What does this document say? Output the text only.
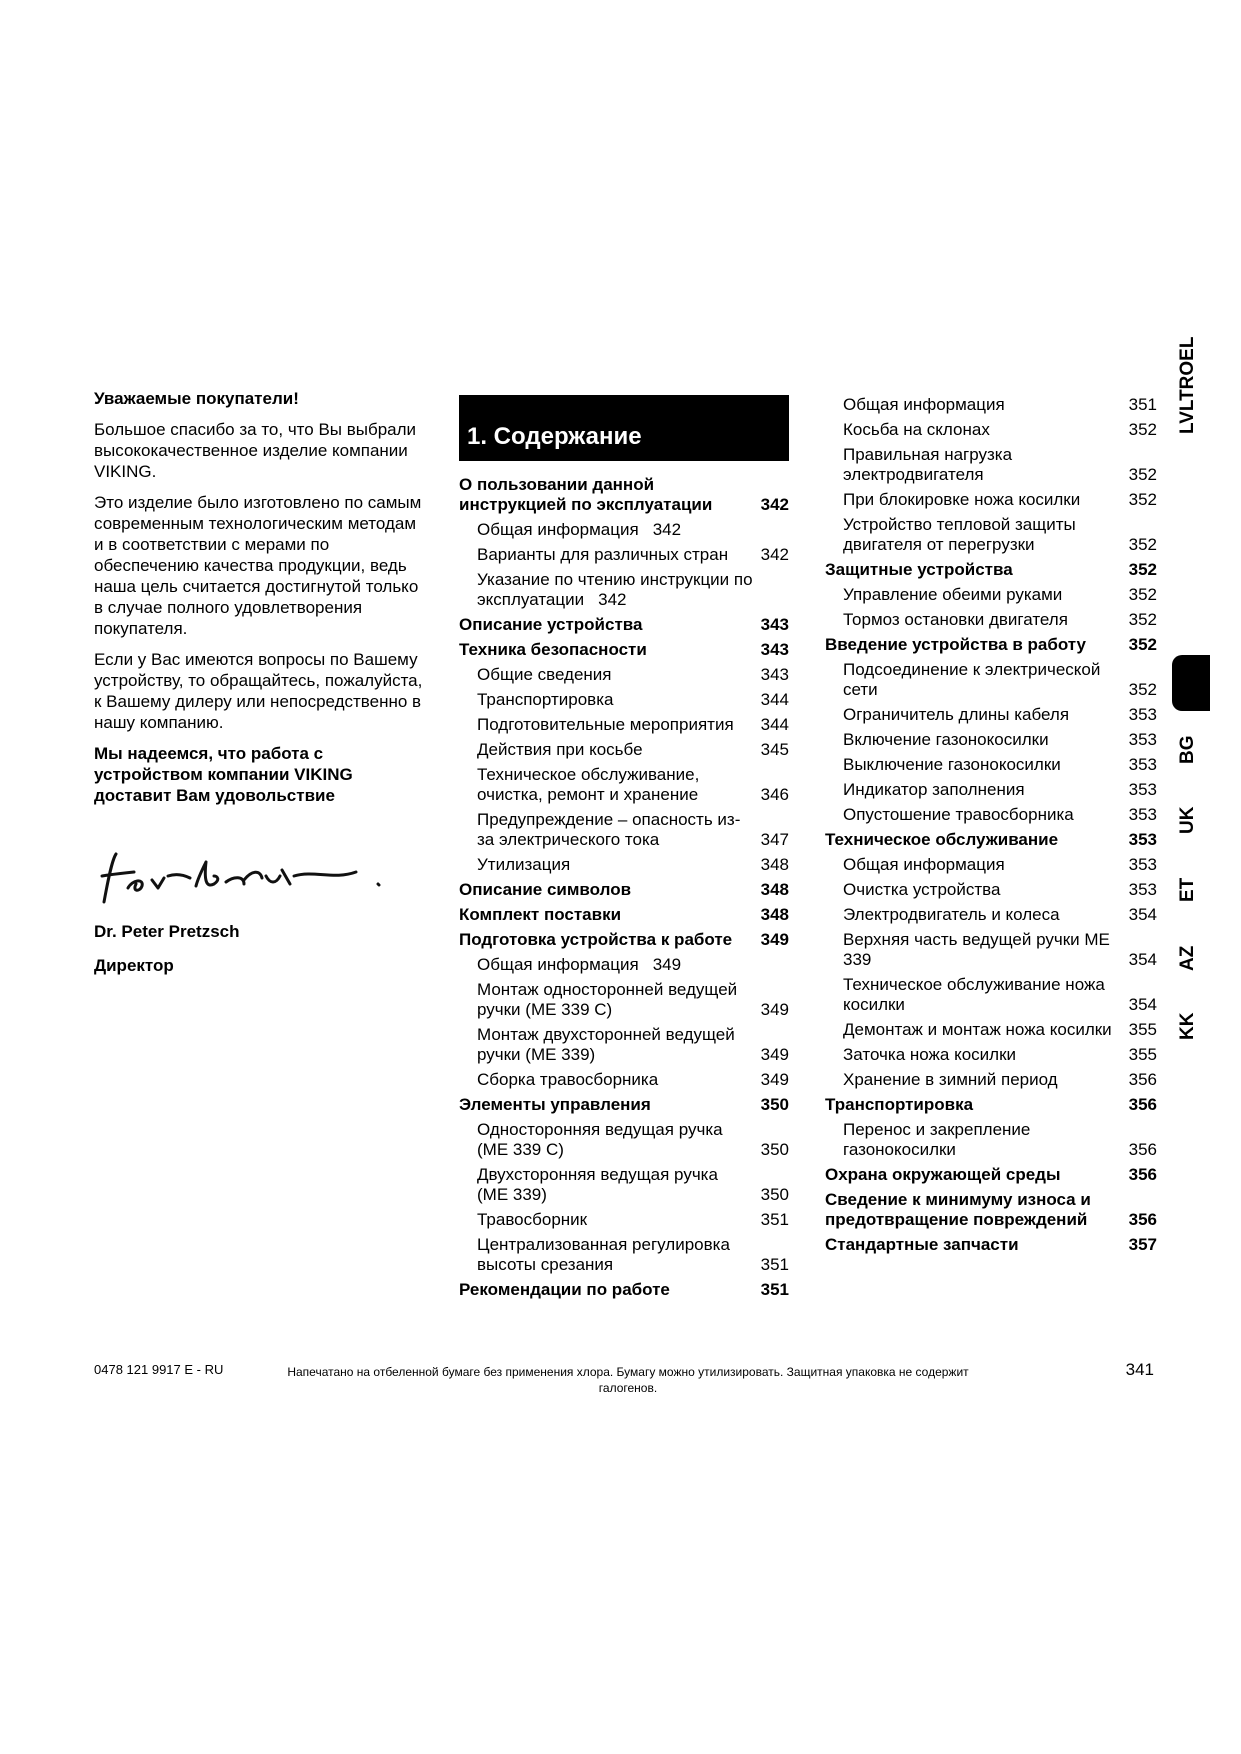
Уважаемые покупатели!

Большое спасибо за то, что Вы выбрали высококачественное изделие компании VIKING.

Это изделие было изготовлено по самым современным технологическим методам и в соответствии с мерами по обеспечению качества продукции, ведь наша цель считается достигнутой только в случае полного удовлетворения покупателя.

Если у Вас имеются вопросы по Вашему устройству, то обращайтесь, пожалуйста, к Вашему дилеру или непосредственно в нашу компанию.

Мы надеемся, что работа с устройством компании VIKING доставит Вам удовольствие

Dr. Peter Pretzsch
Директор
1. Содержание
О пользовании данной инструкцией по эксплуатации	342
Общая информация 342
Варианты для различных стран	342
Указание по чтению инструкции по эксплуатации 342
Описание устройства	343
Техника безопасности	343
Общие сведения	343
Транспортировка	344
Подготовительные мероприятия	344
Действия при косьбе	345
Техническое обслуживание, очистка, ремонт и хранение	346
Предупреждение – опасность из-за электрического тока	347
Утилизация	348
Описание символов	348
Комплект поставки	348
Подготовка устройства к работе	349
Общая информация 349
Монтаж односторонней ведущей ручки (ME 339 C)	349
Монтаж двухсторонней ведущей ручки (ME 339)	349
Сборка травосборника	349
Элементы управления	350
Односторонняя ведущая ручка (ME 339 C)	350
Двухсторонняя ведущая ручка (ME 339)	350
Травосборник	351
Централизованная регулировка высоты срезания	351
Рекомендации по работе	351
Общая информация	351
Косьба на склонах	352
Правильная нагрузка электродвигателя	352
При блокировке ножа косилки	352
Устройство тепловой защиты двигателя от перегрузки	352
Защитные устройства	352
Управление обеими руками	352
Тормоз остановки двигателя	352
Введение устройства в работу	352
Подсоединение к электрической сети	352
Ограничитель длины кабеля	353
Включение газонокосилки	353
Выключение газонокосилки	353
Индикатор заполнения	353
Опустошение травосборника	353
Техническое обслуживание	353
Общая информация	353
Очистка устройства	353
Электродвигатель и колеса	354
Верхняя часть ведущей ручки ME 339	354
Техническое обслуживание ножа косилки	354
Демонтаж и монтаж ножа косилки 355
Заточка ножа косилки	355
Хранение в зимний период	356
Транспортировка	356
Перенос и закрепление газонокосилки	356
Охрана окружающей среды	356
Сведение к минимуму износа и предотвращение повреждений	356
Стандартные запчасти	357
LVLTROEL
BG
UK
ET
AZ
KK
0478 121 9917 E - RU	Напечатано на отбеленной бумаге без применения хлора. Бумагу можно утилизировать. Защитная упаковка не содержит галогенов.
341
